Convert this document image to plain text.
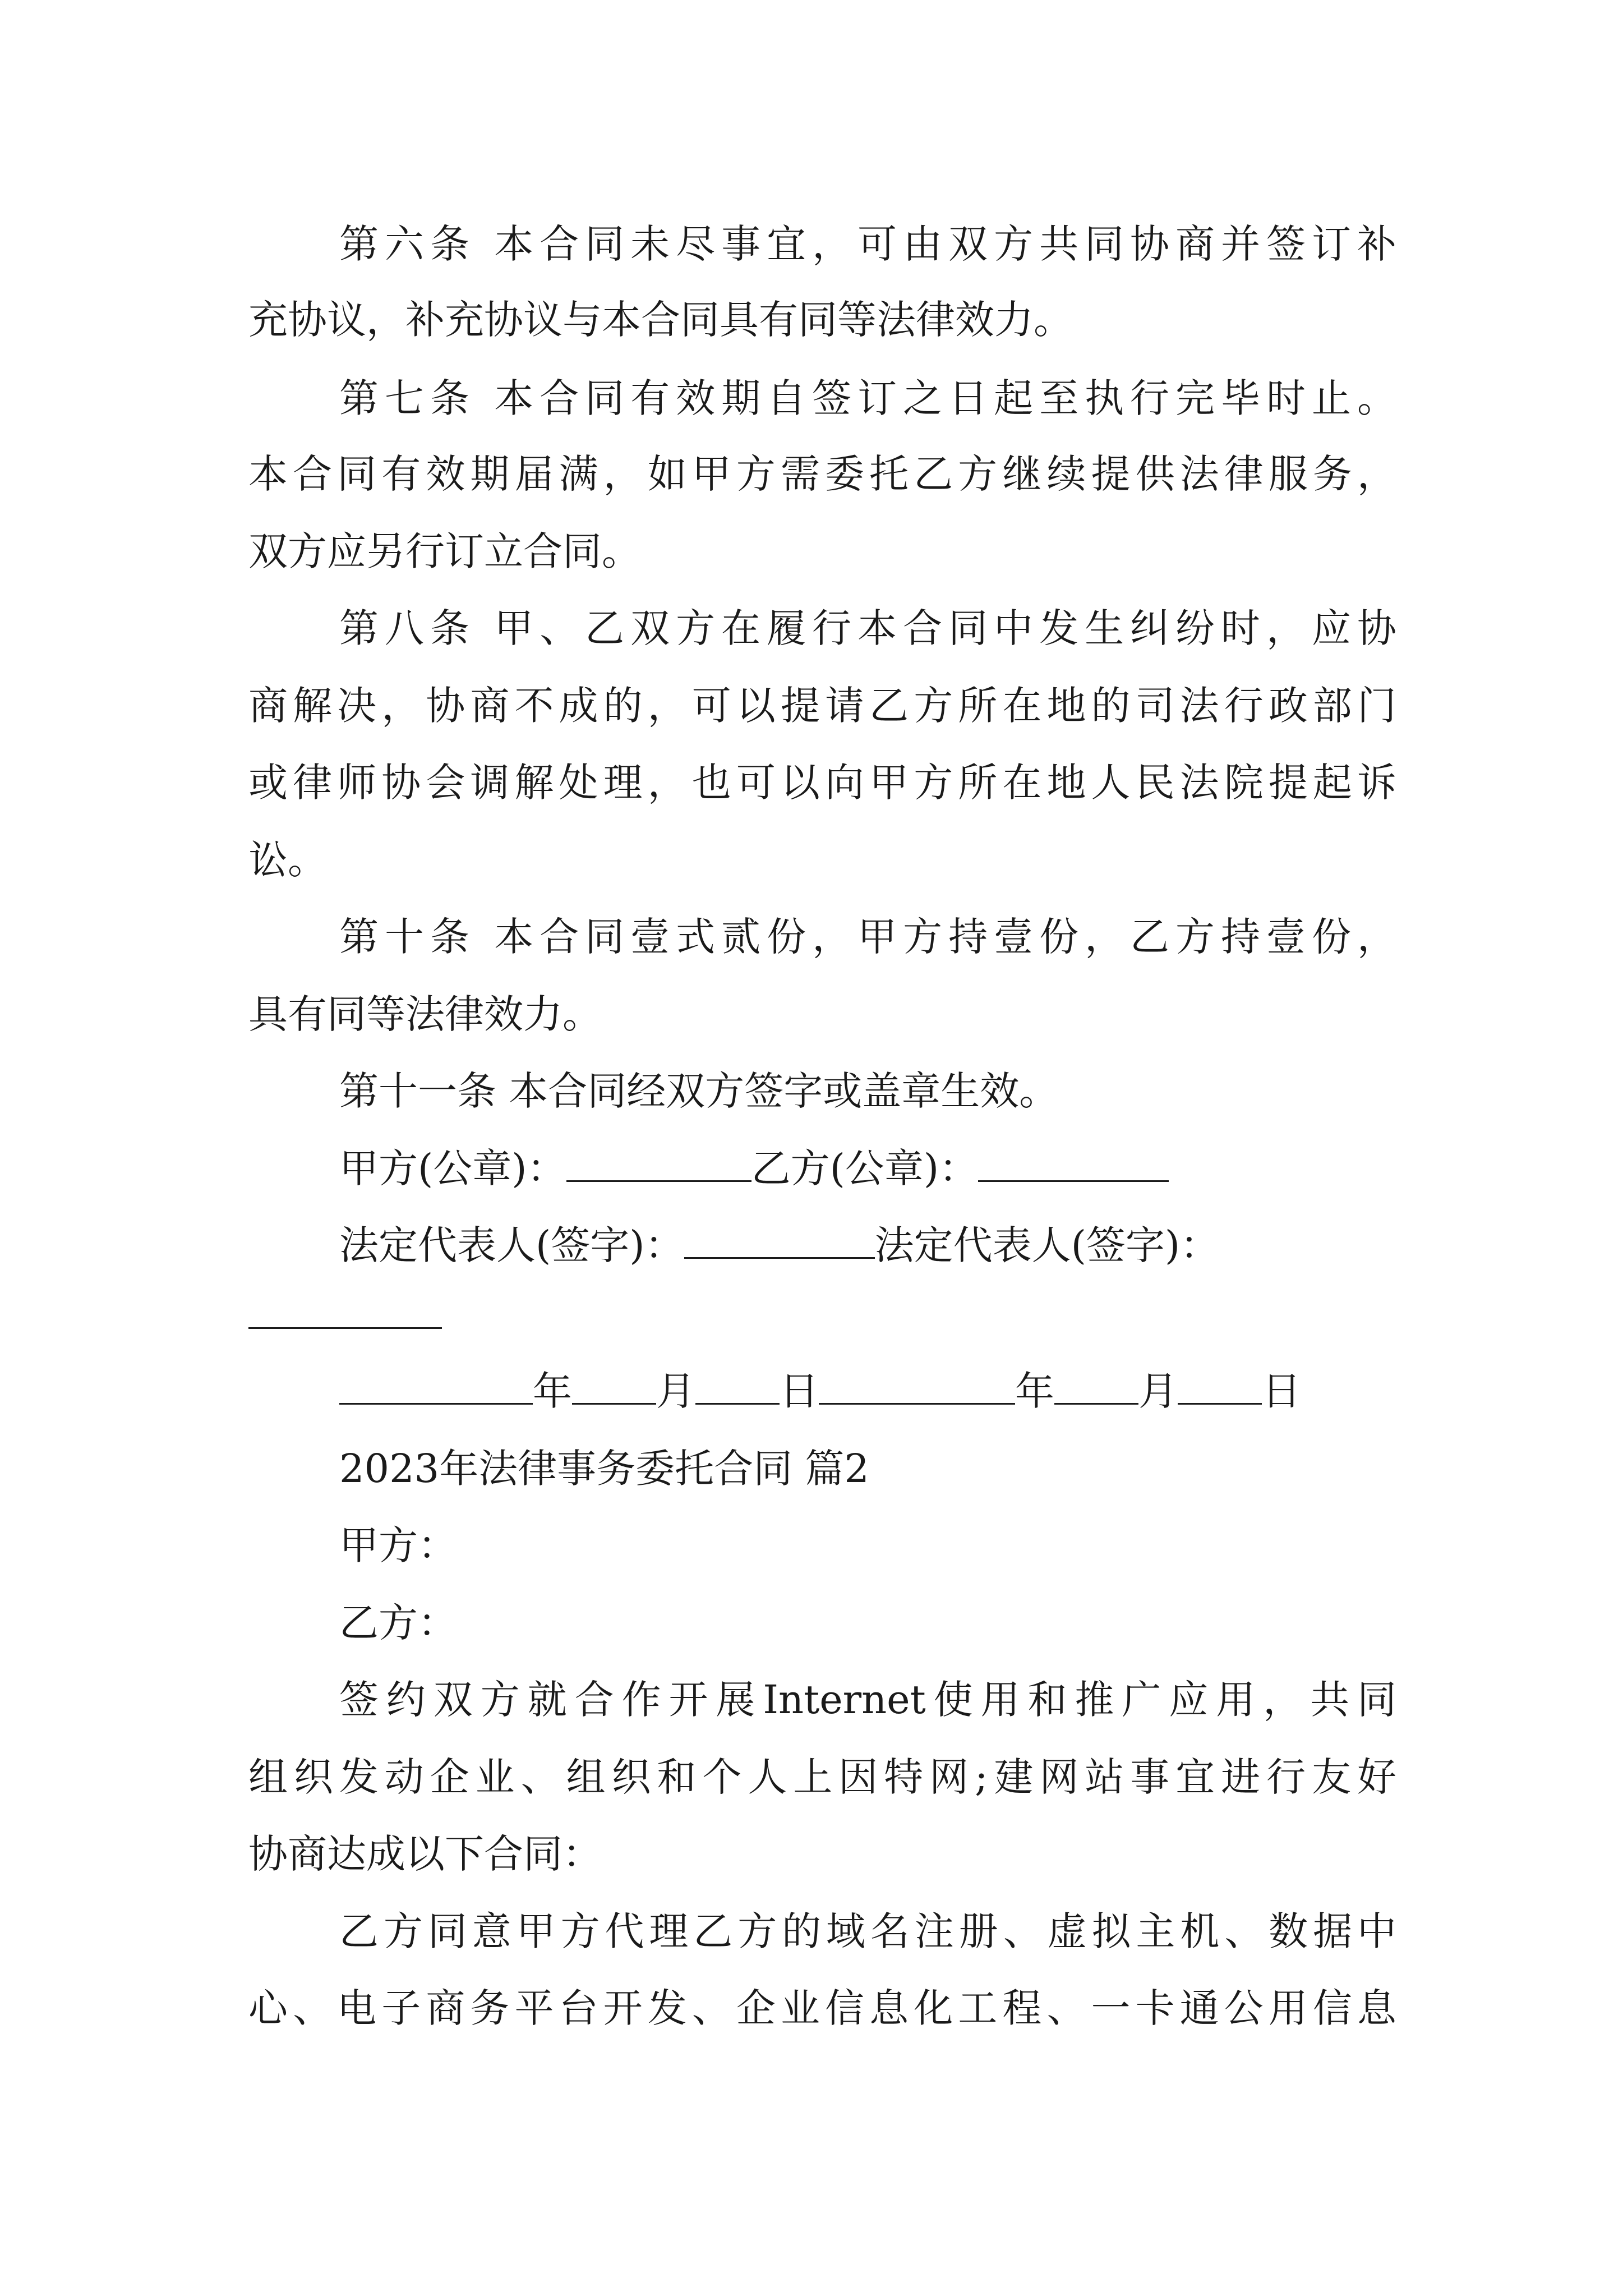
第六条 本合同未尽事宜，可由双方共同协商并签订补

充协议，补充协议与本合同具有同等法律效力。

第七条 本合同有效期自签订之日起至执行完毕时止。

本合同有效期届满，如甲方需委托乙方继续提供法律服务，

双方应另行订立合同。

第八条 甲、乙双方在履行本合同中发生纠纷时，应协

商解决，协商不成的，可以提请乙方所在地的司法行政部门

或律师协会调解处理，也可以向甲方所在地人民法院提起诉

讼。

第十条 本合同壹式贰份，甲方持壹份，乙方持壹份，

具有同等法律效力。

第十一条 本合同经双方签字或盖章生效。

甲方(公章)：	乙方(公章)：

法定代表人(签字)：	法定代表人(签字)：

年 月 日	年 月 日

2023年法律事务委托合同 篇2

甲方：

乙方：

签约双方就合作开展Internet使用和推广应用，共同

组织发动企业、组织和个人上因特网;建网站事宜进行友好

协商达成以下合同：

乙方同意甲方代理乙方的域名注册、虚拟主机、数据中

心、电子商务平台开发、企业信息化工程、一卡通公用信息
